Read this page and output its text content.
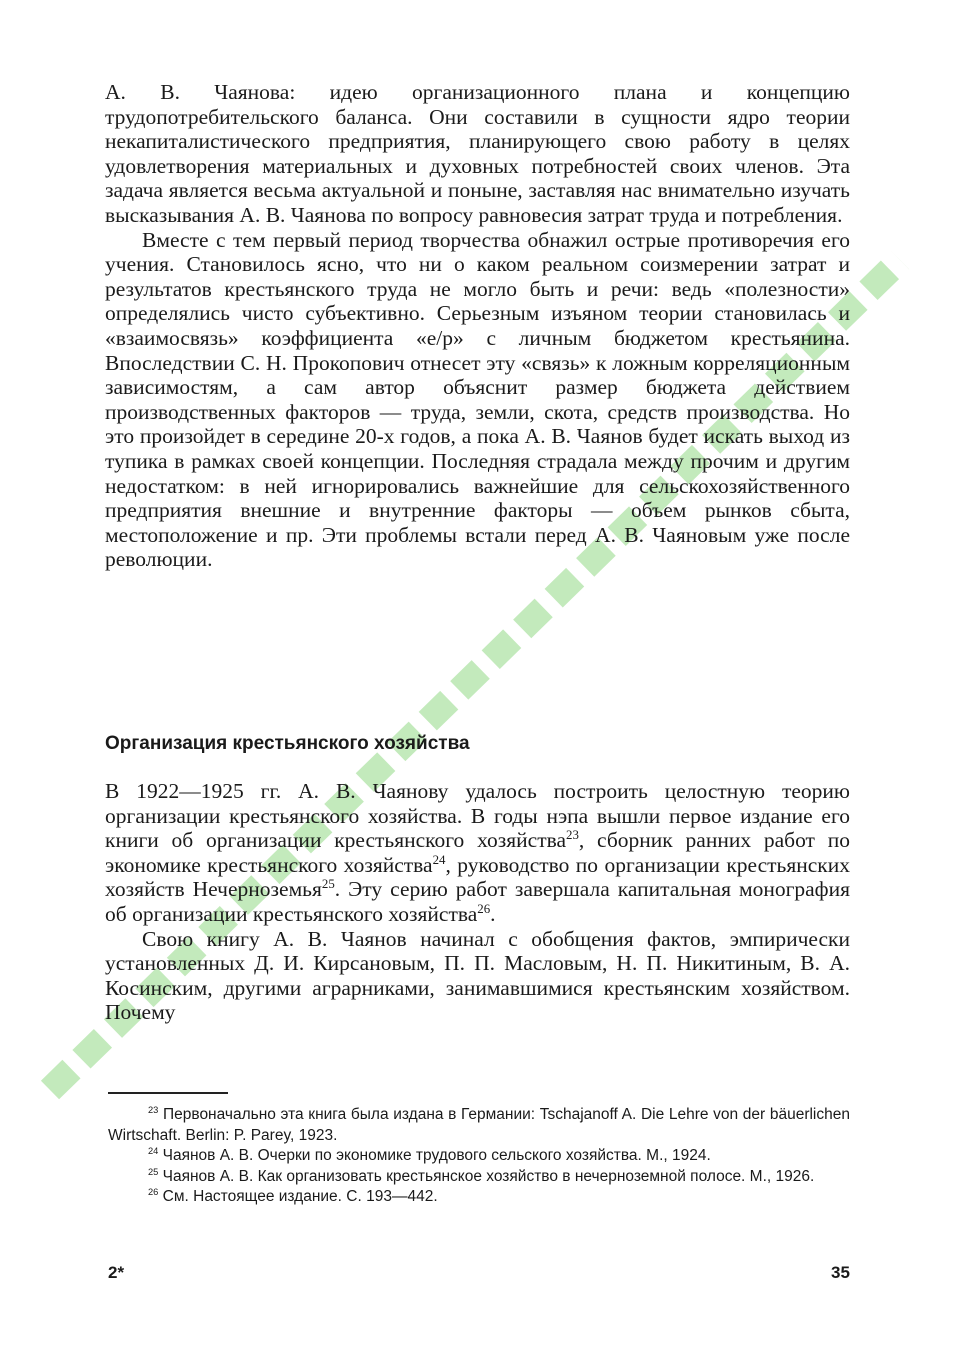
А. В. Чаянова: идею организационного плана и концепцию трудопотребительского баланса. Они составили в сущности ядро теории некапиталистического предприятия, планирующего свою работу в целях удовлетворения материальных и духовных потребностей своих членов. Эта задача является весьма актуальной и поныне, заставляя нас внимательно изучать высказывания А. В. Чаянова по вопросу равновесия затрат труда и потребления.

Вместе с тем первый период творчества обнажил острые противоречия его учения. Становилось ясно, что ни о каком реальном соизмерении затрат и результатов крестьянского труда не могло быть и речи: ведь «полезности» определялись чисто субъективно. Серьезным изъяном теории становилась и «взаимосвязь» коэффициента «е/р» с личным бюджетом крестьянина. Впоследствии С. Н. Прокопович отнесет эту «связь» к ложным корреляционным зависимостям, а сам автор объяснит размер бюджета действием производственных факторов — труда, земли, скота, средств производства. Но это произойдет в середине 20-х годов, а пока А. В. Чаянов будет искать выход из тупика в рамках своей концепции. Последняя страдала между прочим и другим недостатком: в ней игнорировались важнейшие для сельскохозяйственного предприятия внешние и внутренние факторы — объем рынков сбыта, местоположение и пр. Эти проблемы встали перед А. В. Чаяновым уже после революции.

Организация крестьянского хозяйства

В 1922—1925 гг. А. В. Чаянову удалось построить целостную теорию организации крестьянского хозяйства. В годы нэпа вышли первое издание его книги об организации крестьянского хозяйства$^{23}$, сборник ранних работ по экономике крестьянского хозяйства$^{24}$, руководство по организации крестьянских хозяйств Нечерноземья$^{25}$. Эту серию работ завершала капитальная монография об организации крестьянского хозяйства$^{26}$.

Свою книгу А. В. Чаянов начинал с обобщения фактов, эмпирически установленных Д. И. Кирсановым, П. П. Масловым, Н. П. Никитиным, В. А. Косинским, другими аграрниками, занимавшимися крестьянским хозяйством. Почему

$^{23}$ Первоначально эта книга была издана в Германии: Tschajanoff A. Die Lehre von der bäuerlichen Wirtschaft. Berlin: P. Parey, 1923.

$^{24}$ Чаянов А. В. Очерки по экономике трудового сельского хозяйства. М., 1924.

$^{25}$ Чаянов А. В. Как организовать крестьянское хозяйство в нечерноземной полосе. М., 1926.

$^{26}$ См. Настоящее издание. С. 193—442.

2*	35
